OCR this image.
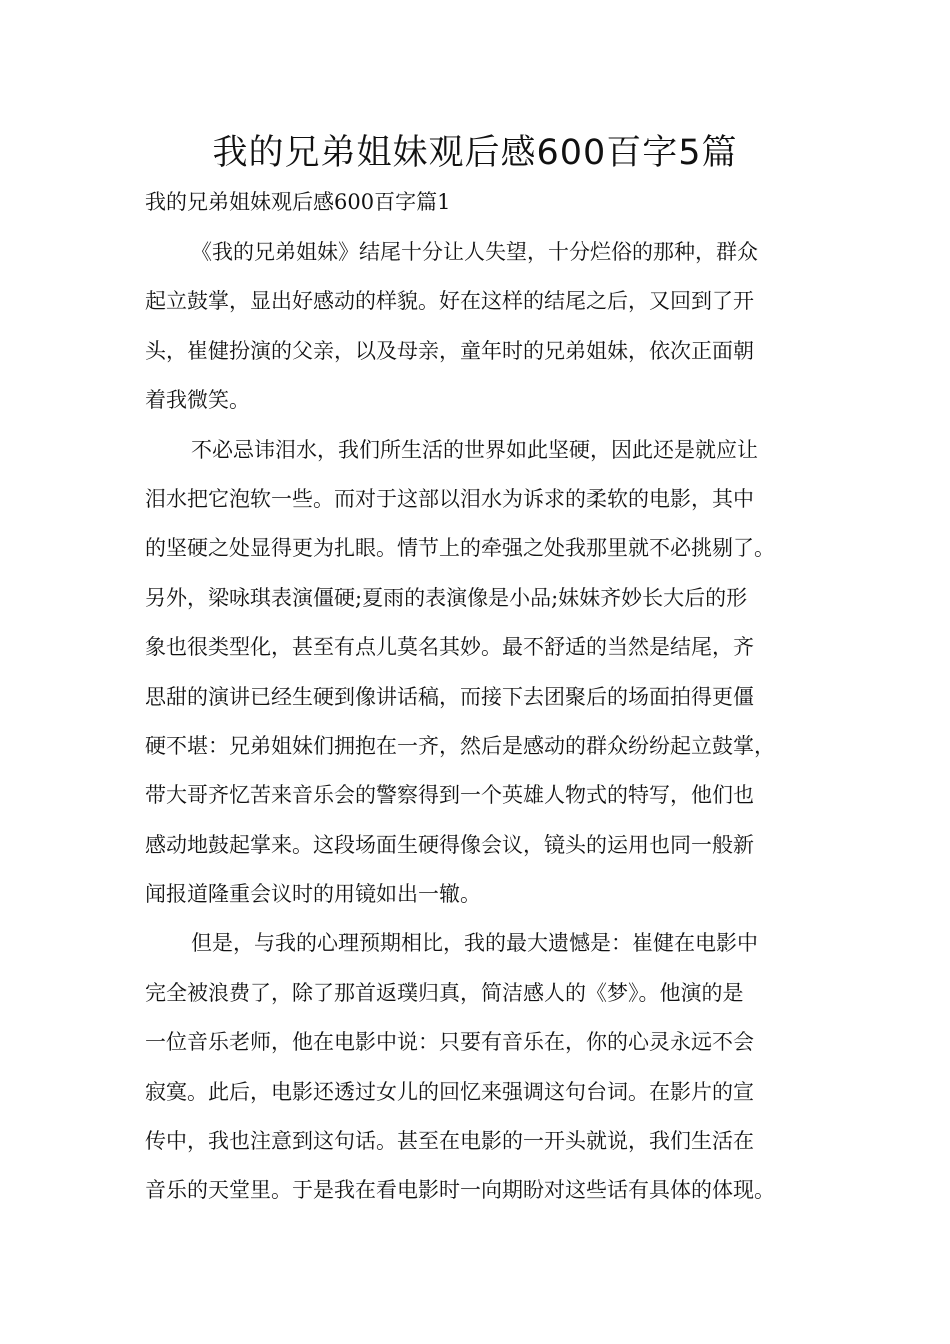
我的兄弟姐妹观后感600百字5篇

我的兄弟姐妹观后感600百字篇1

《我的兄弟姐妹》结尾十分让人失望，十分烂俗的那种，群众
起立鼓掌，显出好感动的样貌。好在这样的结尾之后，又回到了开
头，崔健扮演的父亲，以及母亲，童年时的兄弟姐妹，依次正面朝
着我微笑。
不必忌讳泪水，我们所生活的世界如此坚硬，因此还是就应让
泪水把它泡软一些。而对于这部以泪水为诉求的柔软的电影，其中
的坚硬之处显得更为扎眼。情节上的牵强之处我那里就不必挑剔了。
另外，梁咏琪表演僵硬;夏雨的表演像是小品;妹妹齐妙长大后的形
象也很类型化，甚至有点儿莫名其妙。最不舒适的当然是结尾，齐
思甜的演讲已经生硬到像讲话稿，而接下去团聚后的场面拍得更僵
硬不堪：兄弟姐妹们拥抱在一齐，然后是感动的群众纷纷起立鼓掌，
带大哥齐忆苦来音乐会的警察得到一个英雄人物式的特写，他们也
感动地鼓起掌来。这段场面生硬得像会议，镜头的运用也同一般新
闻报道隆重会议时的用镜如出一辙。
但是，与我的心理预期相比，我的最大遗憾是：崔健在电影中
完全被浪费了，除了那首返璞归真，简洁感人的《梦》。他演的是
一位音乐老师，他在电影中说：只要有音乐在，你的心灵永远不会
寂寞。此后，电影还透过女儿的回忆来强调这句台词。在影片的宣
传中，我也注意到这句话。甚至在电影的一开头就说，我们生活在
音乐的天堂里。于是我在看电影时一向期盼对这些话有具体的体现。
